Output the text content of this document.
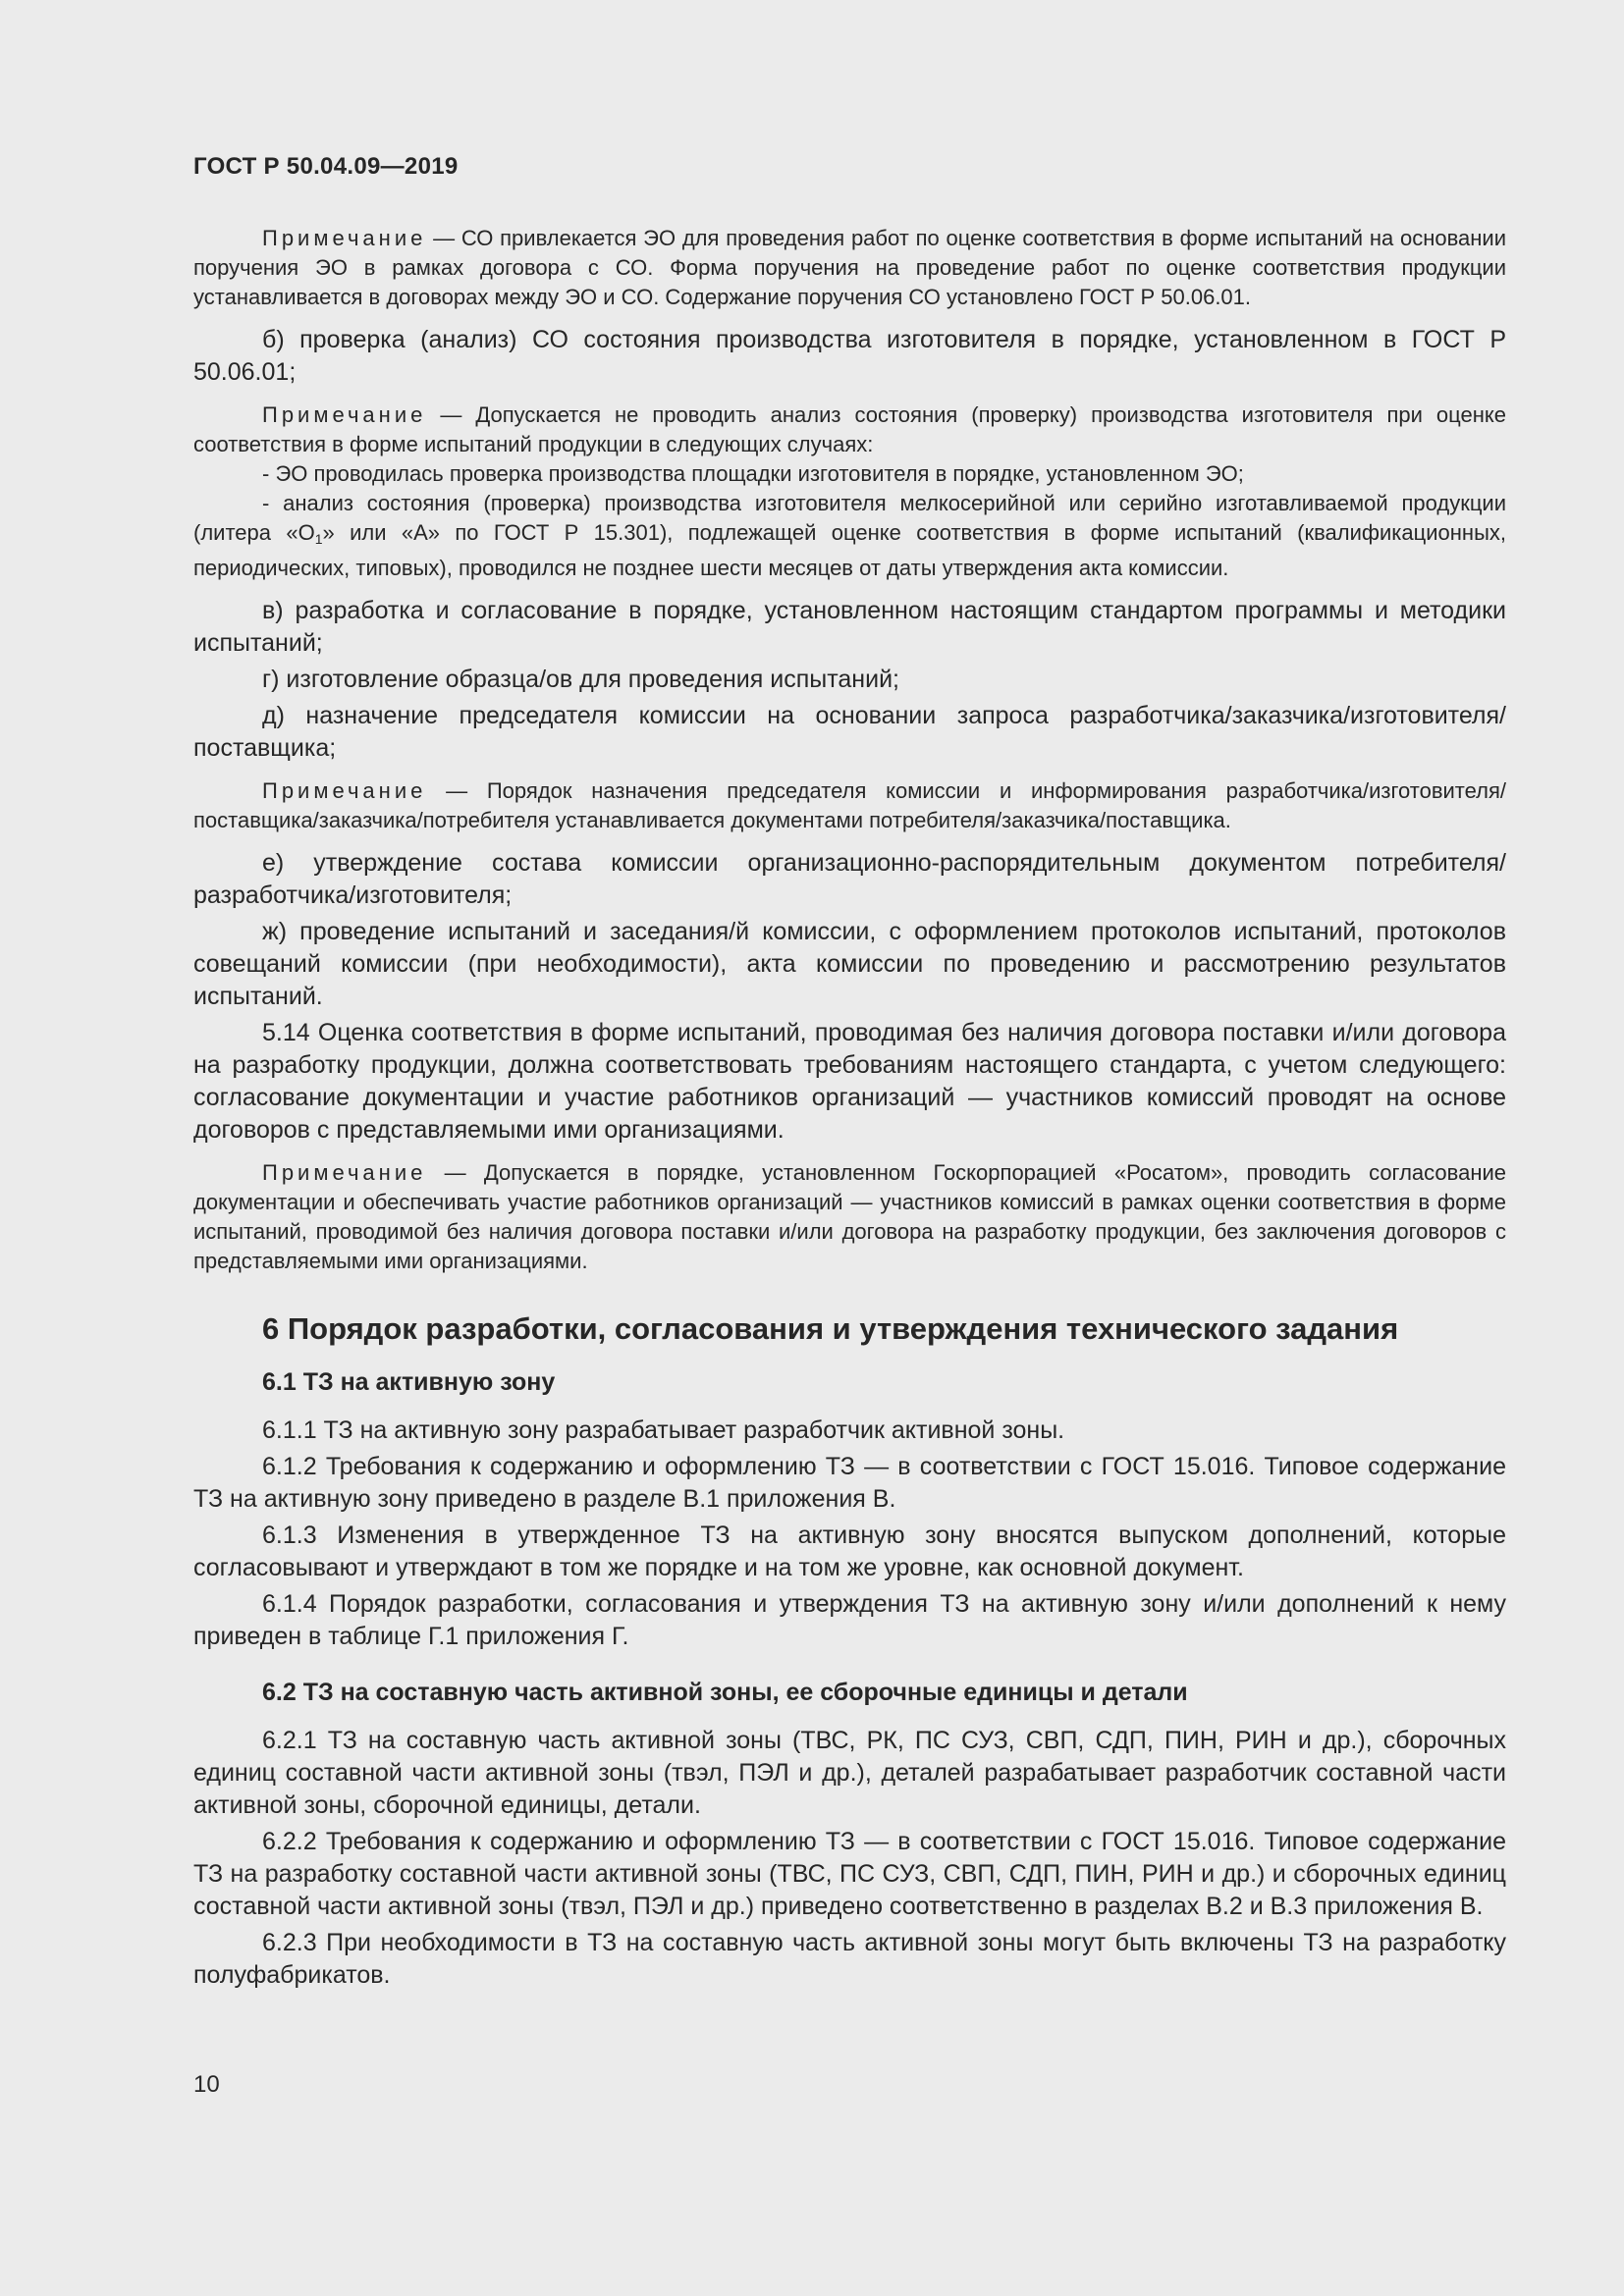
ГОСТ Р 50.04.09—2019

Примечание — СО привлекается ЭО для проведения работ по оценке соответствия в форме испытаний на основании поручения ЭО в рамках договора с СО. Форма поручения на проведение работ по оценке соответствия продукции устанавливается в договорах между ЭО и СО. Содержание поручения СО установлено ГОСТ Р 50.06.01.

б) проверка (анализ) СО состояния производства изготовителя в порядке, установленном в ГОСТ Р 50.06.01;

Примечание — Допускается не проводить анализ состояния (проверку) производства изготовителя при оценке соответствия в форме испытаний продукции в следующих случаях:
- ЭО проводилась проверка производства площадки изготовителя в порядке, установленном ЭО;
- анализ состояния (проверка) производства изготовителя мелкосерийной или серийно изготавливаемой продукции (литера «$О_1$» или «А» по ГОСТ Р 15.301), подлежащей оценке соответствия в форме испытаний (квалификационных, периодических, типовых), проводился не позднее шести месяцев от даты утверждения акта комиссии.

в) разработка и согласование в порядке, установленном настоящим стандартом программы и методики испытаний;

г) изготовление образца/ов для проведения испытаний;

д) назначение председателя комиссии на основании запроса разработчика/заказчика/изготовителя/поставщика;

Примечание — Порядок назначения председателя комиссии и информирования разработчика/изготовителя/поставщика/заказчика/потребителя устанавливается документами потребителя/заказчика/поставщика.

е) утверждение состава комиссии организационно-распорядительным документом потребителя/разработчика/изготовителя;

ж) проведение испытаний и заседания/й комиссии, с оформлением протоколов испытаний, протоколов совещаний комиссии (при необходимости), акта комиссии по проведению и рассмотрению результатов испытаний.

5.14 Оценка соответствия в форме испытаний, проводимая без наличия договора поставки и/или договора на разработку продукции, должна соответствовать требованиям настоящего стандарта, с учетом следующего: согласование документации и участие работников организаций — участников комиссий проводят на основе договоров с представляемыми ими организациями.

Примечание — Допускается в порядке, установленном Госкорпорацией «Росатом», проводить согласование документации и обеспечивать участие работников организаций — участников комиссий в рамках оценки соответствия в форме испытаний, проводимой без наличия договора поставки и/или договора на разработку продукции, без заключения договоров с представляемыми ими организациями.

6 Порядок разработки, согласования и утверждения технического задания
6.1 ТЗ на активную зону

6.1.1 ТЗ на активную зону разрабатывает разработчик активной зоны.

6.1.2 Требования к содержанию и оформлению ТЗ — в соответствии с ГОСТ 15.016. Типовое содержание ТЗ на активную зону приведено в разделе В.1 приложения В.

6.1.3 Изменения в утвержденное ТЗ на активную зону вносятся выпуском дополнений, которые согласовывают и утверждают в том же порядке и на том же уровне, как основной документ.

6.1.4 Порядок разработки, согласования и утверждения ТЗ на активную зону и/или дополнений к нему приведен в таблице Г.1 приложения Г.

6.2 ТЗ на составную часть активной зоны, ее сборочные единицы и детали

6.2.1 ТЗ на составную часть активной зоны (ТВС, РК, ПС СУЗ, СВП, СДП, ПИН, РИН и др.), сборочных единиц составной части активной зоны (твэл, ПЭЛ и др.), деталей разрабатывает разработчик составной части активной зоны, сборочной единицы, детали.

6.2.2 Требования к содержанию и оформлению ТЗ — в соответствии с ГОСТ 15.016. Типовое содержание ТЗ на разработку составной части активной зоны (ТВС, ПС СУЗ, СВП, СДП, ПИН, РИН и др.) и сборочных единиц составной части активной зоны (твэл, ПЭЛ и др.) приведено соответственно в разделах В.2 и В.3 приложения В.

6.2.3 При необходимости в ТЗ на составную часть активной зоны могут быть включены ТЗ на разработку полуфабрикатов.

10
